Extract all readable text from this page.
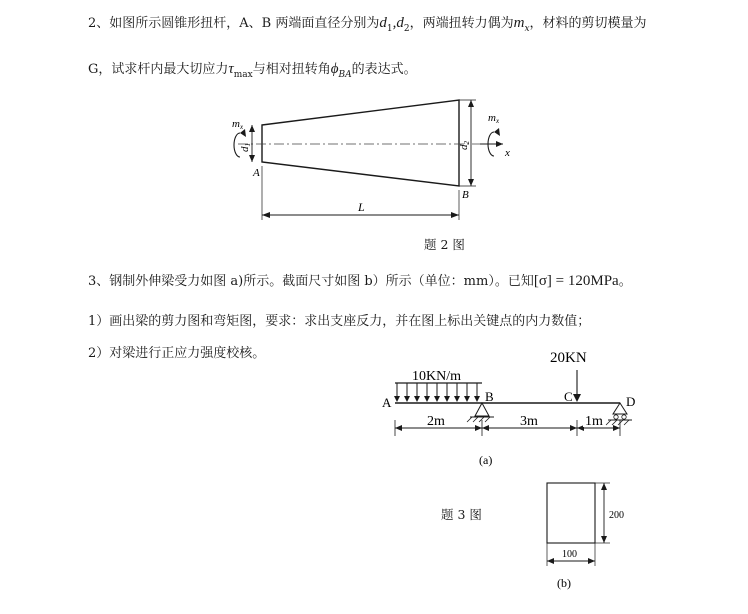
2、如图所示圆锥形扭杆，A、B 两端面直径分别为$d_1,d_2$，两端扭转力偶为$m_x$，材料的剪切模量为
G，试求杆内最大切应力$\tau_{max}$与相对扭转角$\phi_{BA}$的表达式。
x
d1	d2
mx
mx
A
B
L
题 2 图
3、钢制外伸梁受力如图 a)所示。截面尺寸如图 b）所示（单位：mm）。已知[σ] = 120MPa。
1）画出梁的剪力图和弯矩图，要求：求出支座反力，并在图上标出关键点的内力数值；
2）对梁进行正应力强度校核。
10KN/m
20KN
A	B	C	D
2m	3m	1m
(a)
200
100
(b)
题 3 图
